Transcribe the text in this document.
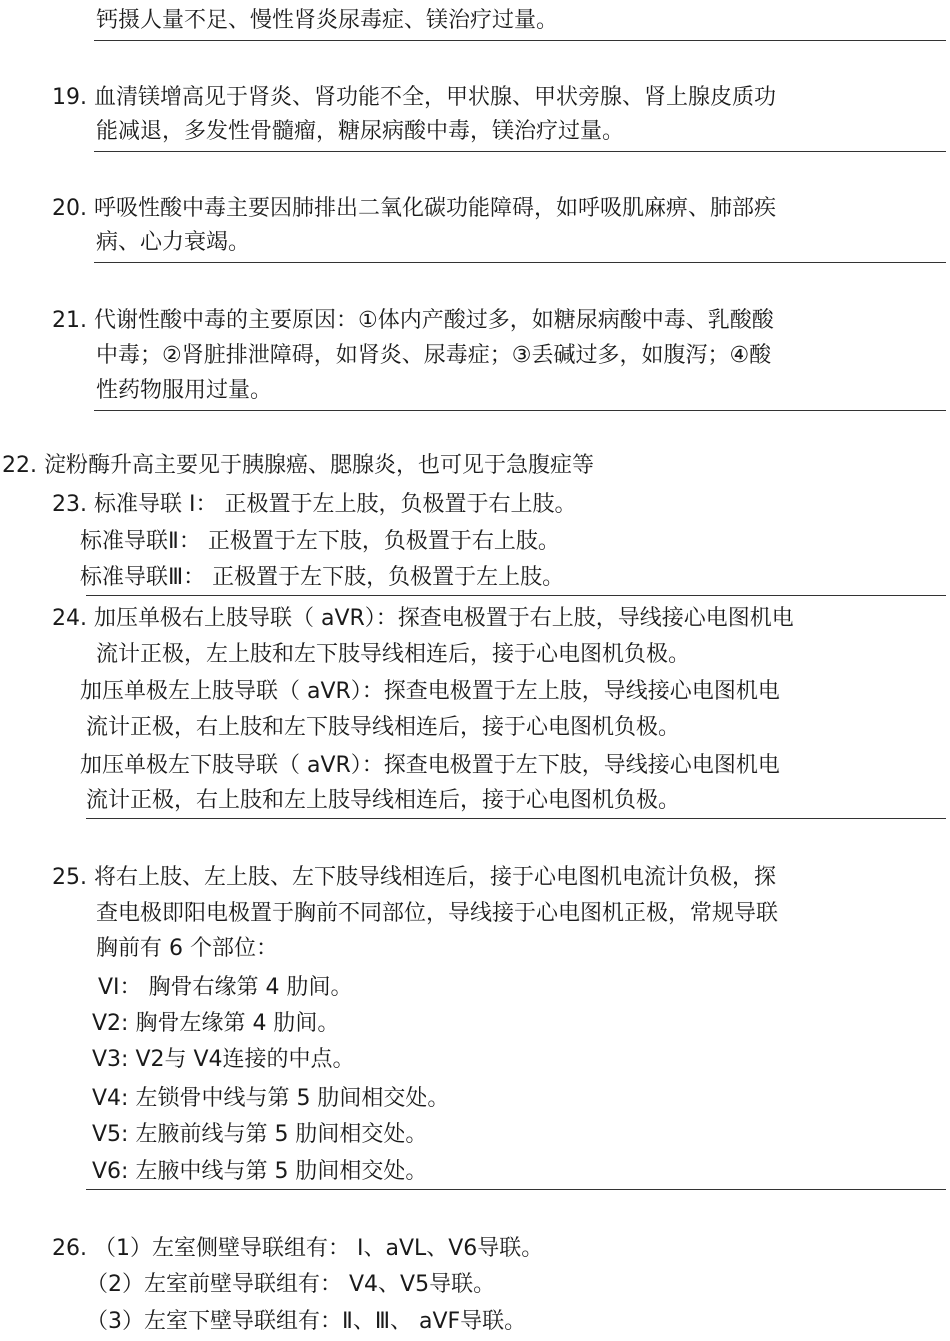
钙摄人量不足、慢性肾炎尿毒症、镁治疗过量。
19. 血清镁增高见于肾炎、肾功能不全，甲状腺、甲状旁腺、肾上腺皮质功
能减退，多发性骨髓瘤，糖尿病酸中毒，镁治疗过量。
20. 呼吸性酸中毒主要因肺排出二氧化碳功能障碍，如呼吸肌麻痹、肺部疾
病、心力衰竭。
21. 代谢性酸中毒的主要原因：①体内产酸过多，如糖尿病酸中毒、乳酸酸
中毒；②肾脏排泄障碍，如肾炎、尿毒症；③丢碱过多，如腹泻；④酸
性药物服用过量。
22. 淀粉酶升高主要见于胰腺癌、腮腺炎，也可见于急腹症等
23. 标准导联 Ⅰ： 正极置于左上肢，负极置于右上肢。
标准导联Ⅱ： 正极置于左下肢，负极置于右上肢。
标准导联Ⅲ： 正极置于左下肢，负极置于左上肢。
24. 加压单极右上肢导联（ aVR）：探查电极置于右上肢，导线接心电图机电
流计正极，左上肢和左下肢导线相连后，接于心电图机负极。
加压单极左上肢导联（ aVR）：探查电极置于左上肢，导线接心电图机电
流计正极，右上肢和左下肢导线相连后，接于心电图机负极。
加压单极左下肢导联（ aVR）：探查电极置于左下肢，导线接心电图机电
流计正极，右上肢和左上肢导线相连后，接于心电图机负极。
25. 将右上肢、左上肢、左下肢导线相连后，接于心电图机电流计负极，探
查电极即阳电极置于胸前不同部位，导线接于心电图机正极，常规导联
胸前有 6 个部位：
VI： 胸骨右缘第 4 肋间。
V2: 胸骨左缘第 4 肋间。
V3: V2与 V4连接的中点。
V4: 左锁骨中线与第 5 肋间相交处。
V5: 左腋前线与第 5 肋间相交处。
V6: 左腋中线与第 5 肋间相交处。
26. （1）左室侧壁导联组有： Ⅰ、aVL、V6导联。
（2）左室前壁导联组有： V4、V5导联。
（3）左室下壁导联组有：Ⅱ、Ⅲ、 aVF导联。
